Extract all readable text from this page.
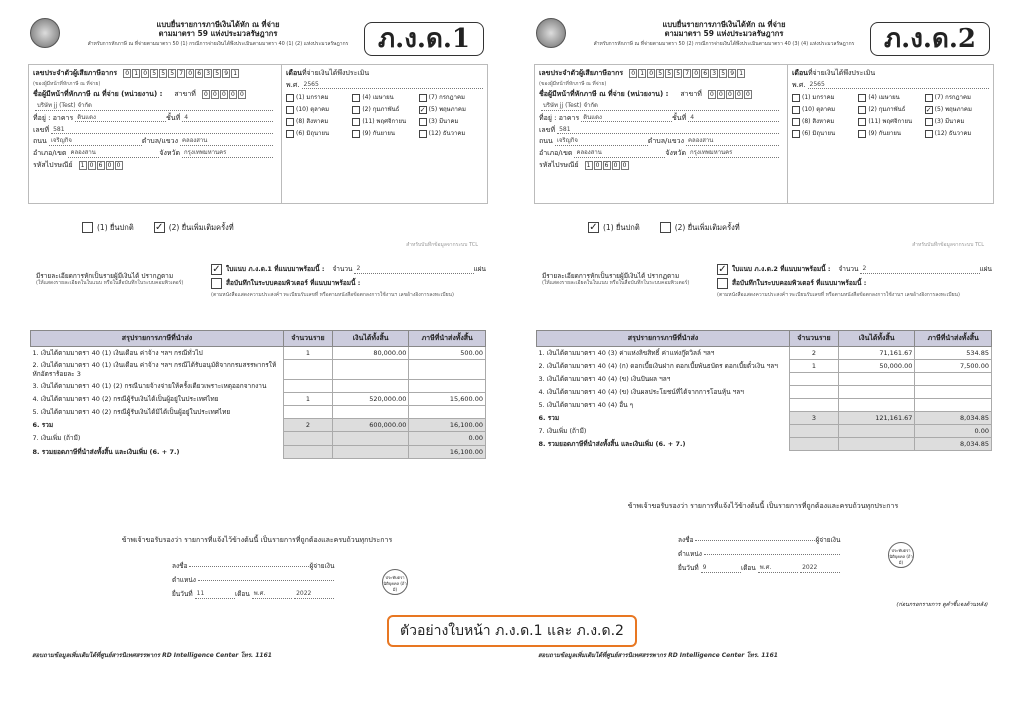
แบบยื่นรายการภาษีเงินได้หัก ณ ที่จ่าย
ตามมาตรา 59 แห่งประมวลรัษฎากร
สำหรับการหักภาษี ณ ที่จ่ายตามมาตรา 50 (1) กรณีการจ่ายเงินได้พึงประเมินตามมาตรา 40 (1) (2) แห่งประมวลรัษฎากร	ภ.ง.ด.1
เลขประจำตัวผู้เสียภาษีอากร	0 1 0 5 5 5 7 0 6 3 5 9 1
(ของผู้มีหน้าที่หักภาษี ณ ที่จ่าย)
ชื่อผู้มีหน้าที่หักภาษี ณ ที่จ่าย (หน่วยงาน) : สาขาที่	0 0 0 0 0
บริษัท jj (Test) จำกัด
ที่อยู่ : อาคาร ดินแดง	ชั้นที่ 4
เลขที่ 581
ถนน เจริญกิจ	ตำบล/แขวง คลองสาน
อำเภอ/เขต คลองสาน	จังหวัด กรุงเทพมหานคร
รหัสไปรษณีย์	1 0 6 0 0
เดือน ที่จ่ายเงินได้พึงประเมิน
พ.ศ. 2565
(1) มกราคม	(4) เมษายน	(7) กรกฎาคม
(10) ตุลาคม	(2) กุมภาพันธ์	✓ (5) พฤษภาคม
(8) สิงหาคม	(11) พฤศจิกายน	(3) มีนาคม
(6) มิถุนายน	(9) กันยายน	(12) ธันวาคม
(1) ยื่นปกติ ✓ (2) ยื่นเพิ่มเติมครั้งที่
สำหรับบันทึกข้อมูลจากระบบ TCL
มีรายละเอียดการหักเป็นรายผู้มีเงินได้ ปรากฏตาม
(ให้แสดงรายละเอียดในใบแนบ หรือในสื่อบันทึกในระบบคอมพิวเตอร์)
✓ ใบแนบ ภ.ง.ด.1 ที่แนบมาพร้อมนี้ : จำนวน 2	แผ่น
สื่อบันทึกในระบบคอมพิวเตอร์ ที่แนบมาพร้อมนี้ :
(ตามหนังสือแสดงความประสงค์ฯ ทะเบียนรับเลขที่ หรือตามหนังสือข้อตกลงการใช้งานฯ เลขอ้างอิงการลงทะเบียน)
สรุปรายการภาษีที่นำส่ง	จำนวนราย	เงินได้ทั้งสิ้น	ภาษีที่นำส่งทั้งสิ้น
1. เงินได้ตามมาตรา 40 (1) เงินเดือน ค่าจ้าง ฯลฯ กรณีทั่วไป	1	80,000.00	500.00
2. เงินได้ตามมาตรา 40 (1) เงินเดือน ค่าจ้าง ฯลฯ กรณีได้รับอนุมัติจากกรมสรรพากรให้หักอัตราร้อยละ 3			
3. เงินได้ตามมาตรา 40 (1) (2) กรณีนายจ้างจ่ายให้ครั้งเดียวเพราะเหตุออกจากงาน			
4. เงินได้ตามมาตรา 40 (2) กรณีผู้รับเงินได้เป็นผู้อยู่ในประเทศไทย	1	520,000.00	15,600.00
5. เงินได้ตามมาตรา 40 (2) กรณีผู้รับเงินได้มิได้เป็นผู้อยู่ในประเทศไทย			
6. รวม	2	600,000.00	16,100.00
7. เงินเพิ่ม (ถ้ามี)			0.00
8. รวมยอดภาษีที่นำส่งทั้งสิ้น และเงินเพิ่ม (6. + 7.)			16,100.00
ข้าพเจ้าขอรับรองว่า รายการที่แจ้งไว้ข้างต้นนี้ เป็นรายการที่ถูกต้องและครบถ้วนทุกประการ
ลงชื่อ	ผู้จ่ายเงิน
ตำแหน่ง
ยื่นวันที่ 11	เดือน พ.ศ.	2022
ประทับตรานิติบุคคล (ถ้ามี)
สอบถามข้อมูลเพิ่มเติมได้ที่ศูนย์สารนิเทศสรรพากร RD Intelligence Center โทร. 1161
แบบยื่นรายการภาษีเงินได้หัก ณ ที่จ่าย
ตามมาตรา 59 แห่งประมวลรัษฎากร
สำหรับการหักภาษี ณ ที่จ่ายตามมาตรา 50 (2) กรณีการจ่ายเงินได้พึงประเมินตามมาตรา 40 (3) (4) แห่งประมวลรัษฎากร	ภ.ง.ด.2
เลขประจำตัวผู้เสียภาษีอากร	0 1 0 5 5 5 7 0 6 3 5 9 1
(ของผู้มีหน้าที่หักภาษี ณ ที่จ่าย)
ชื่อผู้มีหน้าที่หักภาษี ณ ที่จ่าย (หน่วยงาน) : สาขาที่	0 0 0 0 0
บริษัท jj (Test) จำกัด
ที่อยู่ : อาคาร ดินแดง	ชั้นที่ 4
เลขที่ 581
ถนน เจริญกิจ	ตำบล/แขวง คลองสาน
อำเภอ/เขต คลองสาน	จังหวัด กรุงเทพมหานคร
รหัสไปรษณีย์	1 0 6 0 0
เดือน ที่จ่ายเงินได้พึงประเมิน
พ.ศ. 2565
(1) มกราคม	(4) เมษายน	(7) กรกฎาคม
(10) ตุลาคม	(2) กุมภาพันธ์	✓ (5) พฤษภาคม
(8) สิงหาคม	(11) พฤศจิกายน	(3) มีนาคม
(6) มิถุนายน	(9) กันยายน	(12) ธันวาคม
✓ (1) ยื่นปกติ	(2) ยื่นเพิ่มเติมครั้งที่
สำหรับบันทึกข้อมูลจากระบบ TCL
มีรายละเอียดการหักเป็นรายผู้มีเงินได้ ปรากฏตาม
(ให้แสดงรายละเอียดในใบแนบ หรือในสื่อบันทึกในระบบคอมพิวเตอร์)
✓ ใบแนบ ภ.ง.ด.2 ที่แนบมาพร้อมนี้ : จำนวน 2	แผ่น
สื่อบันทึกในระบบคอมพิวเตอร์ ที่แนบมาพร้อมนี้ :
(ตามหนังสือแสดงความประสงค์ฯ ทะเบียนรับเลขที่ หรือตามหนังสือข้อตกลงการใช้งานฯ เลขอ้างอิงการลงทะเบียน)
สรุปรายการภาษีที่นำส่ง	จำนวนราย	เงินได้ทั้งสิ้น	ภาษีที่นำส่งทั้งสิ้น
1. เงินได้ตามมาตรา 40 (3) ค่าแห่งลิขสิทธิ์ ค่าแห่งกู๊ดวิลล์ ฯลฯ	2	71,161.67	534.85
2. เงินได้ตามมาตรา 40 (4) (ก) ดอกเบี้ยเงินฝาก ดอกเบี้ยพันธบัตร ดอกเบี้ยตั๋วเงิน ฯลฯ	1	50,000.00	7,500.00
3. เงินได้ตามมาตรา 40 (4) (ข) เงินปันผล ฯลฯ			
4. เงินได้ตามมาตรา 40 (4) (ข) เงินผลประโยชน์ที่ได้จากการโอนหุ้น ฯลฯ			
5. เงินได้ตามมาตรา 40 (4) อื่น ๆ			
6. รวม	3	121,161.67	8,034.85
7. เงินเพิ่ม (ถ้ามี)			0.00
8. รวมยอดภาษีที่นำส่งทั้งสิ้น และเงินเพิ่ม (6. + 7.)			8,034.85
ข้าพเจ้าขอรับรองว่า รายการที่แจ้งไว้ข้างต้นนี้ เป็นรายการที่ถูกต้องและครบถ้วนทุกประการ
ลงชื่อ	ผู้จ่ายเงิน
ตำแหน่ง
ยื่นวันที่ 9	เดือน พ.ศ.	2022
ประทับตรานิติบุคคล (ถ้ามี)
(ก่อนกรอกรายการ ดูคำชี้แจงด้านหลัง)
สอบถามข้อมูลเพิ่มเติมได้ที่ศูนย์สารนิเทศสรรพากร RD Intelligence Center โทร. 1161
ตัวอย่างใบหน้า ภ.ง.ด.1 และ ภ.ง.ด.2
